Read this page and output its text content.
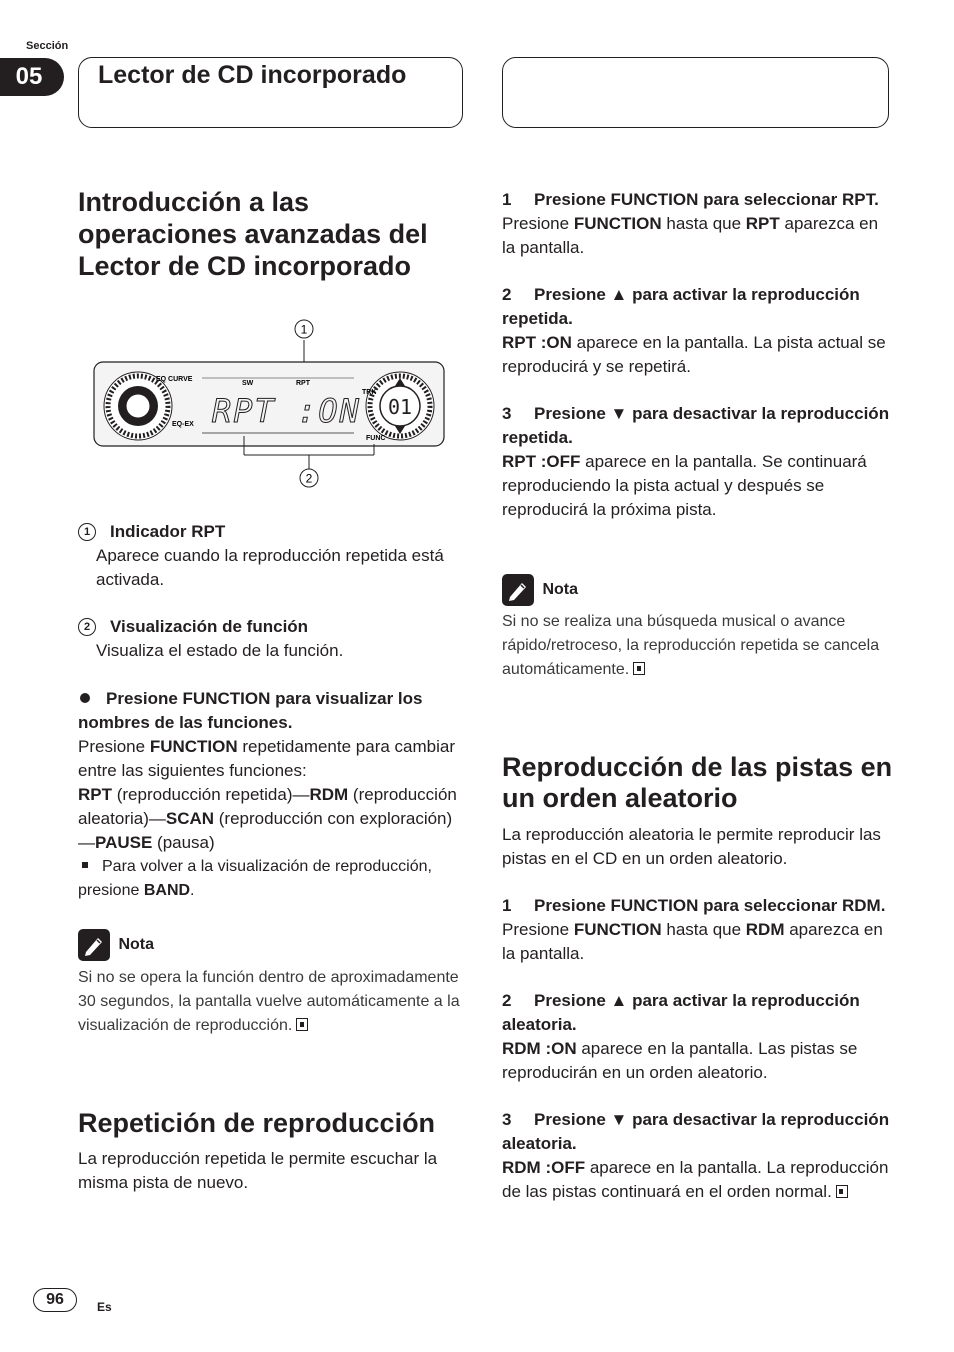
Sección
05	Lector de CD incorporado
Introducción a las operaciones avanzadas del Lector de CD incorporado
1
01
EQ CURVE
SW	RPT
TRK
EQ-EX
FUNC
RPT :ON
2
1 Indicador RPT
Aparece cuando la reproducción repetida está activada.
2 Visualización de función
Visualiza el estado de la función.
Presione FUNCTION para visualizar los nombres de las funciones.
Presione FUNCTION repetidamente para cambiar entre las siguientes funciones:
RPT (reproducción repetida)—RDM (reproducción aleatoria)—SCAN (reproducción con exploración)—PAUSE (pausa)
Para volver a la visualización de reproducción, presione BAND.
Nota
Si no se opera la función dentro de aproximadamente 30 segundos, la pantalla vuelve automáticamente a la visualización de reproducción.
Repetición de reproducción
La reproducción repetida le permite escuchar la misma pista de nuevo.
1 Presione FUNCTION para seleccionar RPT.
Presione FUNCTION hasta que RPT aparezca en la pantalla.
2 Presione ▲ para activar la reproducción repetida.
RPT :ON aparece en la pantalla. La pista actual se reproducirá y se repetirá.
3 Presione ▼ para desactivar la reproducción repetida.
RPT :OFF aparece en la pantalla. Se continuará reproduciendo la pista actual y después se reproducirá la próxima pista.
Nota
Si no se realiza una búsqueda musical o avance rápido/retroceso, la reproducción repetida se cancela automáticamente.
Reproducción de las pistas en un orden aleatorio
La reproducción aleatoria le permite reproducir las pistas en el CD en un orden aleatorio.
1 Presione FUNCTION para seleccionar RDM.
Presione FUNCTION hasta que RDM aparezca en la pantalla.
2 Presione ▲ para activar la reproducción aleatoria.
RDM :ON aparece en la pantalla. Las pistas se reproducirán en un orden aleatorio.
3 Presione ▼ para desactivar la reproducción aleatoria.
RDM :OFF aparece en la pantalla. La reproducción de las pistas continuará en el orden normal.
96	Es
